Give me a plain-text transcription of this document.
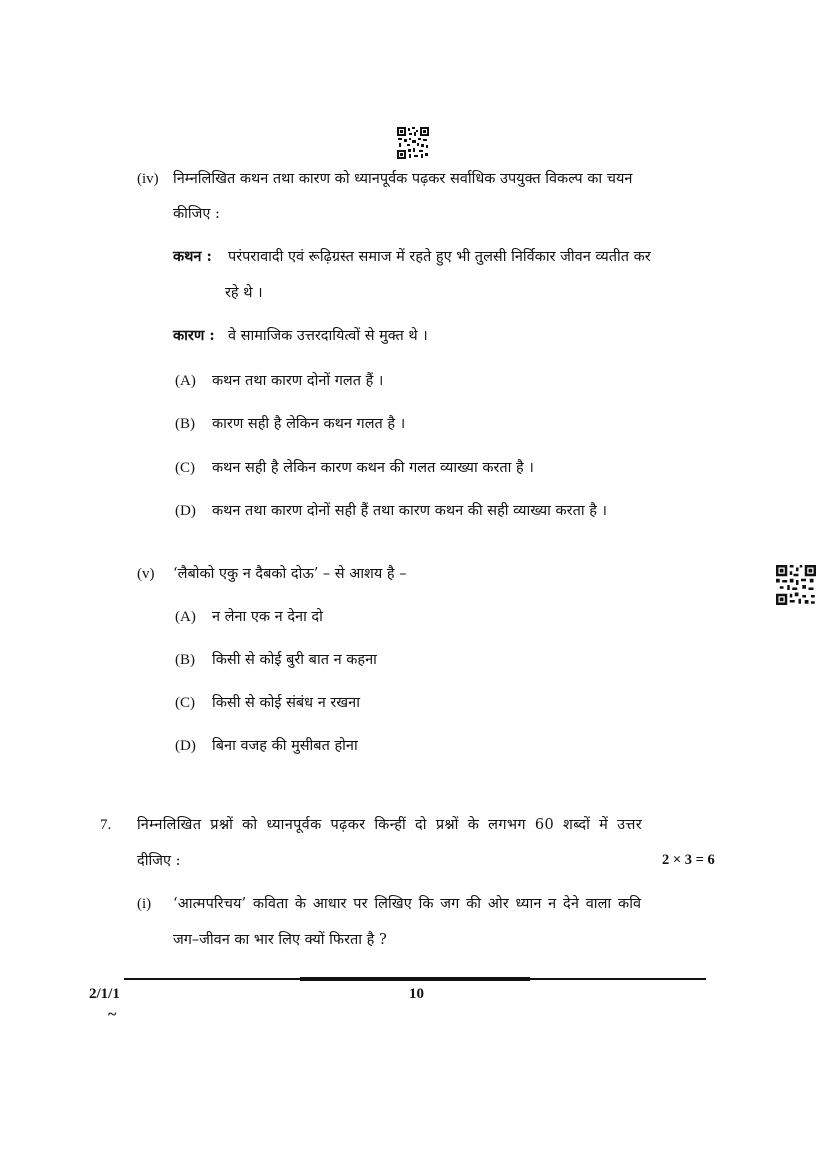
(iv) निम्नलिखित कथन तथा कारण को ध्यानपूर्वक पढ़कर सर्वाधिक उपयुक्त विकल्प का चयन
कीजिए :
कथन : परंपरावादी एवं रूढ़िग्रस्त समाज में रहते हुए भी तुलसी निर्विकार जीवन व्यतीत कर
रहे थे ।
कारण : वे सामाजिक उत्तरदायित्वों से मुक्त थे ।
(A) कथन तथा कारण दोनों गलत हैं ।
(B) कारण सही है लेकिन कथन गलत है ।
(C) कथन सही है लेकिन कारण कथन की गलत व्याख्या करता है ।
(D) कथन तथा कारण दोनों सही हैं तथा कारण कथन की सही व्याख्या करता है ।
(v) ‘लैबोको एकु न दैबको दोऊ’ – से आशय है –
(A) न लेना एक न देना दो
(B) किसी से कोई बुरी बात न कहना
(C) किसी से कोई संबंध न रखना
(D) बिना वजह की मुसीबत होना
7. निम्नलिखित प्रश्नों को ध्यानपूर्वक पढ़कर किन्हीं दो प्रश्नों के लगभग 60 शब्दों में उत्तर
दीजिए :	2 × 3 = 6
(i) ‘आत्मपरिचय’ कविता के आधार पर लिखिए कि जग की ओर ध्यान न देने वाला कवि
जग–जीवन का भार लिए क्यों फिरता है ?
2/1/1	10
~
